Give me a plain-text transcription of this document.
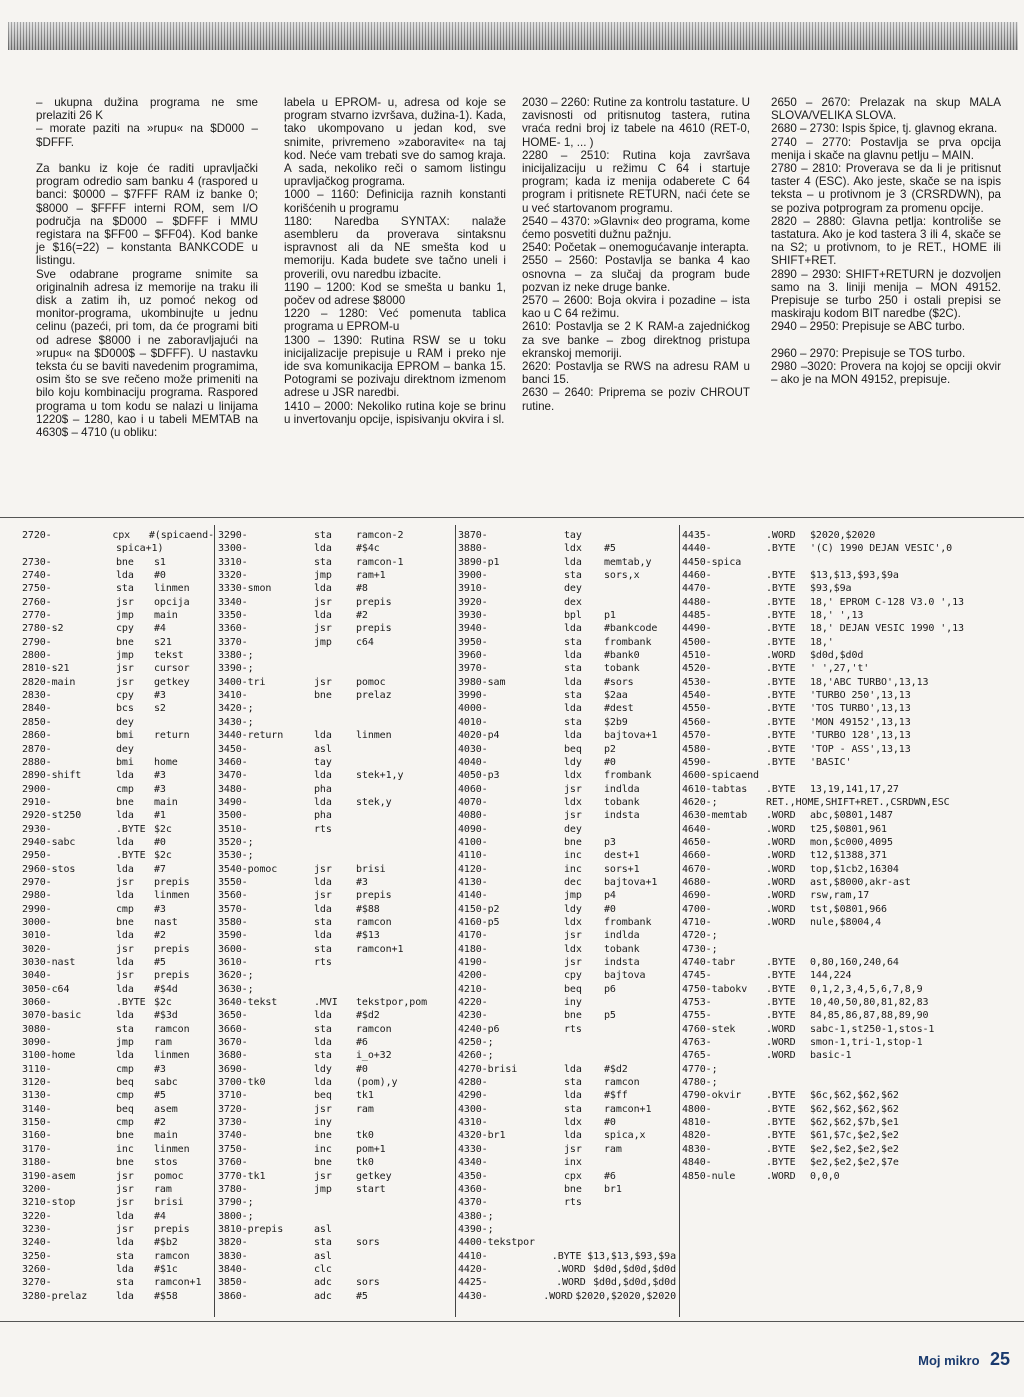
– ukupna dužina programa ne sme prelaziti 26 K
– morate paziti na »rupu« na $D000 – $DFFF.

Za banku iz koje će raditi upravljački program odredio sam banku 4 (raspored u banci: $0000 – $7FFF RAM iz banke 0; $8000 – $FFFF interni ROM, sem I/O područja na $D000 – $DFFF i MMU registara na $FF00 – $FF04). Kod banke je $16(=22) – konstanta BANKCODE u listingu.
Sve odabrane programe snimite sa originalnih adresa iz memorije na traku ili disk a zatim ih, uz pomoć nekog od monitor-programa, ukombinujte u jednu celinu (pazeći, pri tom, da će programi biti od adrese $8000 i ne zaboravljajući na »rupu« na $D000$ – $DFFF). U nastavku teksta ću se baviti navedenim programima, osim što se sve rečeno može primeniti na bilo koju kombinaciju programa. Raspored programa u tom kodu se nalazi u linijama 1220$ – 1280, kao i u tabeli MEMTAB na 4630$ – 4710 (u obliku:

labela u EPROM- u, adresa od koje se program stvarno izvršava, dužina-1). Kada, tako ukompovano u jedan kod, sve snimite, privremeno »zaboravite« na taj kod. Neće vam trebati sve do samog kraja. A sada, nekoliko reči o samom listingu upravljačkog programa.
1000 – 1160: Definicija raznih konstanti korišćenih u programu
1180: Naredba SYNTAX: nalaže asembleru da proverava sintaksnu ispravnost ali da NE smešta kod u memoriju. Kada budete sve tačno uneli i proverili, ovu naredbu izbacite.
1190 – 1200: Kod se smešta u banku 1, počev od adrese $8000
1220 – 1280: Već pomenuta tablica programa u EPROM-u
1300 – 1390: Rutina RSW se u toku inicijalizacije prepisuje u RAM i preko nje ide sva komunikacija EPROM – banka 15. Potogrami se pozivaju direktnom izmenom adrese u JSR naredbi.
1410 – 2000: Nekoliko rutina koje se brinu u invertovanju opcije, ispisivanju okvira i sl.

2030 – 2260: Rutine za kontrolu tastature. U zavisnosti od pritisnutog tastera, rutina vraća redni broj iz tabele na 4610 (RET-0, HOME- 1, ... )
2280 – 2510: Rutina koja završava inicijalizaciju u režimu C 64 i startuje program; kada iz menija odaberete C 64 program i pritisnete RETURN, naći ćete se u već startovanom programu.
2540 – 4370: »Glavni« deo programa, kome ćemo posvetiti dužnu pažnju.
2540: Početak – onemogućavanje interapta.
2550 – 2560: Postavlja se banka 4 kao osnovna – za slučaj da program bude pozvan iz neke druge banke.
2570 – 2600: Boja okvira i pozadine – ista kao u C 64 režimu.
2610: Postavlja se 2 K RAM-a zajednićkog za sve banke – zbog direktnog pristupa ekranskoj memoriji.
2620: Postavlja se RWS na adresu RAM u banci 15.
2630 – 2640: Priprema se poziv CHROUT rutine.

2650 – 2670: Prelazak na skup MALA SLOVA/VELIKA SLOVA.
2680 – 2730: Ispis špice, tj. glavnog ekrana.
2740 – 2770: Postavlja se prva opcija menija i skače na glavnu petlju – MAIN.
2780 – 2810: Proverava se da li je pritisnut taster 4 (ESC). Ako jeste, skače se na ispis teksta – u protivnom je 3 (CRSRDWN), pa se poziva potprogram za promenu opcije.
2820 – 2880: Glavna petlja: kontroliše se tastatura. Ako je kod tastera 3 ili 4, skače se na S2; u protivnom, to je RET., HOME ili SHIFT+RET.
2890 – 2930: SHIFT+RETURN je dozvoljen samo na 3. liniji menija – MON 49152. Prepisuje se turbo 250 i ostali prepisi se maskiraju kodom BIT naredbe ($2C).
2940 – 2950: Prepisuje se ABC turbo.

2960 – 2970: Prepisuje se TOS turbo.
2980 –3020: Provera na kojoj se opciji okvir – ako je na MON 49152, prepisuje.

2720-	cpx	#(spicaend-
spica+1)
2730-	bne	s1
2740-	lda	#0
2750-	sta	linmen
2760-	jsr	opcija
2770-	jmp	main
2780-s2	cpy	#4
2790-	bne	s21
2800-	jmp	tekst
2810-s21	jsr	cursor
2820-main	jsr	getkey
2830-	cpy	#3
2840-	bcs	s2
2850-	dey
2860-	bmi	return
2870-	dey
2880-	bmi	home
2890-shift	lda	#3
2900-	cmp	#3
2910-	bne	main
2920-st250	lda	#1
2930-	.BYTE $2c
2940-sabc	lda	#0
2950-	.BYTE $2c
2960-stos	lda	#7
2970-	jsr	prepis
2980-	lda	linmen
2990-	cmp	#3
3000-	bne	nast
3010-	lda	#2
3020-	jsr	prepis
3030-nast	lda	#5
3040-	jsr	prepis
3050-c64	lda	#$4d
3060-	.BYTE $2c
3070-basic	lda	#$3d
3080-	sta	ramcon
3090-	jmp	ram
3100-home	lda	linmen
3110-	cmp	#3
3120-	beq	sabc
3130-	cmp	#5
3140-	beq	asem
3150-	cmp	#2
3160-	bne	main
3170-	inc	linmen
3180-	bne	stos
3190-asem	jsr	pomoc
3200-	jsr	ram
3210-stop	jsr	brisi
3220-	lda	#4
3230-	jsr	prepis
3240-	lda	#$b2
3250-	sta	ramcon
3260-	lda	#$1c
3270-	sta	ramcon+1
3280-prelaz	lda	#$58
3290-	sta	ramcon-2
3300-	lda	#$4c
3310-	sta	ramcon-1
3320-	jmp	ram+1
3330-smon	lda	#8
3340-	jsr	prepis
3350-	lda	#2
3360-	jsr	prepis
3370-	jmp	c64
3380-;
3390-;
3400-tri	jsr	pomoc
3410-	bne	prelaz
3420-;
3430-;
3440-return	lda	linmen
3450-	asl
3460-	tay
3470-	lda	stek+1,y
3480-	pha
3490-	lda	stek,y
3500-	pha
3510-	rts
3520-;
3530-;
3540-pomoc	jsr	brisi
3550-	lda	#3
3560-	jsr	prepis
3570-	lda	#$88
3580-	sta	ramcon
3590-	lda	#$13
3600-	sta	ramcon+1
3610-	rts
3620-;
3630-;
3640-tekst	.MVI	tekstpor,pom
3650-	lda	#$d2
3660-	sta	ramcon
3670-	lda	#6
3680-	sta	i_o+32
3690-	ldy	#0
3700-tk0	lda	(pom),y
3710-	beq	tk1
3720-	jsr	ram
3730-	iny
3740-	bne	tk0
3750-	inc	pom+1
3760-	bne	tk0
3770-tk1	jsr	getkey
3780-	jmp	start
3790-;
3800-;
3810-prepis	asl
3820-	sta	sors
3830-	asl
3840-	clc
3850-	adc	sors
3860-	adc	#5
3870-	tay
3880-	ldx	#5
3890-p1	lda	memtab,y
3900-	sta	sors,x
3910-	dey
3920-	dex
3930-	bpl	p1
3940-	lda	#bankcode
3950-	sta	frombank
3960-	lda	#bank0
3970-	sta	tobank
3980-sam	lda	#sors
3990-	sta	$2aa
4000-	lda	#dest
4010-	sta	$2b9
4020-p4	lda	bajtova+1
4030-	beq	p2
4040-	ldy	#0
4050-p3	ldx	frombank
4060-	jsr	indlda
4070-	ldx	tobank
4080-	jsr	indsta
4090-	dey
4100-	bne	p3
4110-	inc	dest+1
4120-	inc	sors+1
4130-	dec	bajtova+1
4140-	jmp	p4
4150-p2	ldy	#0
4160-p5	ldx	frombank
4170-	jsr	indlda
4180-	ldx	tobank
4190-	jsr	indsta
4200-	cpy	bajtova
4210-	beq	p6
4220-	iny
4230-	bne	p5
4240-p6	rts
4250-;
4260-;
4270-brisi	lda	#$d2
4280-	sta	ramcon
4290-	lda	#$ff
4300-	sta	ramcon+1
4310-	ldx	#0
4320-br1	lda	spica,x
4330-	jsr	ram
4340-	inx
4350-	cpx	#6
4360-	bne	br1
4370-	rts
4380-;
4390-;
4400-tekstpor
4410-	.BYTE $13,$13,$93,$9a
4420-	.WORD $d0d,$d0d,$d0d
4425-	.WORD $d0d,$d0d,$d0d
4430-	.WORD $2020,$2020,$2020
4435-	.WORD	$2020,$2020
4440-	.BYTE	'(C) 1990 DEJAN VESIC',0
4450-spica
4460-	.BYTE	$13,$13,$93,$9a
4470-	.BYTE	$93,$9a
4480-	.BYTE	18,' EPROM C-128 V3.0 ',13
4485-	.BYTE	18,' ',13
4490-	.BYTE	18,' DEJAN VESIC 1990 ',13
4500-	.BYTE	18,'
4510-	.WORD	$d0d,$d0d
4520-	.BYTE	' ',27,'t'
4530-	.BYTE	18,'ABC TURBO',13,13
4540-	.BYTE	'TURBO 250',13,13
4550-	.BYTE	'TOS TURBO',13,13
4560-	.BYTE	'MON 49152',13,13
4570-	.BYTE	'TURBO 128',13,13
4580-	.BYTE	'TOP - ASS',13,13
4590-	.BYTE	'BASIC'
4600-spicaend
4610-tabtas	.BYTE	13,19,141,17,27
4620-;	RET.,HOME,SHIFT+RET.,CSRDWN,ESC
4630-memtab	.WORD	abc,$0801,1487
4640-	.WORD	t25,$0801,961
4650-	.WORD	mon,$c000,4095
4660-	.WORD	t12,$1388,371
4670-	.WORD	top,$1cb2,16304
4680-	.WORD	ast,$8000,akr-ast
4690-	.WORD	rsw,ram,17
4700-	.WORD	tst,$0801,966
4710-	.WORD	nule,$8004,4
4720-;
4730-;
4740-tabr	.BYTE	0,80,160,240,64
4745-	.BYTE	144,224
4750-tabokv	.BYTE	0,1,2,3,4,5,6,7,8,9
4753-	.BYTE	10,40,50,80,81,82,83
4755-	.BYTE	84,85,86,87,88,89,90
4760-stek	.WORD	sabc-1,st250-1,stos-1
4763-	.WORD	smon-1,tri-1,stop-1
4765-	.WORD	basic-1
4770-;
4780-;
4790-okvir	.BYTE	$6c,$62,$62,$62
4800-	.BYTE	$62,$62,$62,$62
4810-	.BYTE	$62,$62,$7b,$e1
4820-	.BYTE	$61,$7c,$e2,$e2
4830-	.BYTE	$e2,$e2,$e2,$e2
4840-	.BYTE	$e2,$e2,$e2,$7e
4850-nule	.WORD	0,0,0
Moj mikro 25
